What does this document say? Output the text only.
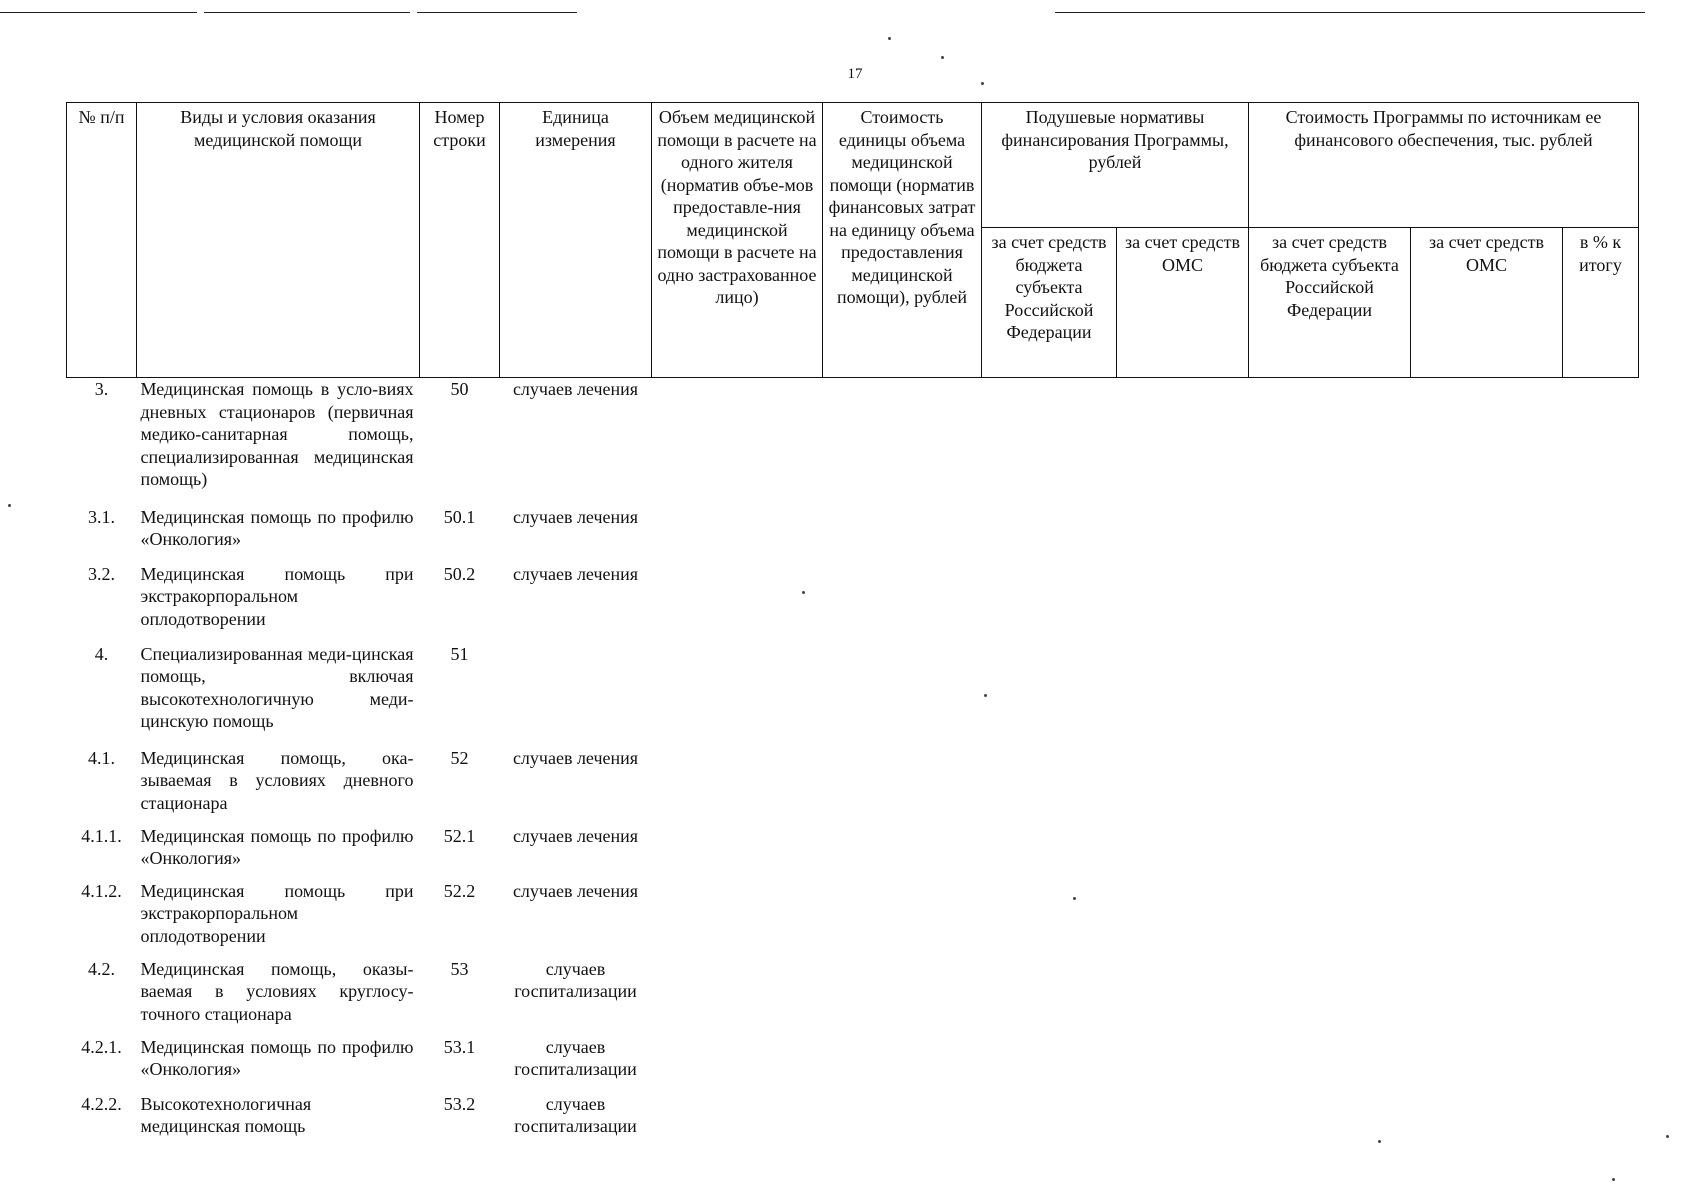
17
№ п/п	Виды и условия оказания медицинской помощи	Номер строки	Единица измерения	Объем медицинской помощи в расчете на одного жителя (норматив объе-мов предоставле-ния медицинской помощи в расчете на одно застрахованное лицо)	Стоимость единицы объема медицинской помощи (норматив финансовых затрат на единицу объема предоставления медицинской помощи), рублей	Подушевые нормативы финансирования Программы, рублей		Стоимость Программы по источникам ее финансового обеспечения, тыс. рублей		
						за счет средств бюджета субъекта Российской Федерации	за счет средств ОМС	за счет средств бюджета субъекта Российской Федерации	за счет средств ОМС	в % к итогу
3.	Медицинская помощь в усло-виях дневных стационаров (первичная медико-санитарная помощь, специализированная медицинская помощь)	50	случаев лечения							
3.1.	Медицинская помощь по профилю «Онкология»	50.1	случаев лечения							
3.2.	Медицинская помощь при экстракорпоральном оплодотворении	50.2	случаев лечения							
4.	Специализированная меди-цинская помощь, включая высокотехнологичную меди-цинскую помощь	51								
4.1.	Медицинская помощь, ока-зываемая в условиях дневного стационара	52	случаев лечения							
4.1.1.	Медицинская помощь по профилю «Онкология»	52.1	случаев лечения							
4.1.2.	Медицинская помощь при экстракорпоральном оплодотворении	52.2	случаев лечения							
4.2.	Медицинская помощь, оказы-ваемая в условиях круглосу-точного стационара	53	случаев госпитализации							
4.2.1.	Медицинская помощь по профилю «Онкология»	53.1	случаев госпитализации							
4.2.2.	Высокотехнологичная медицинская помощь	53.2	случаев госпитализации							
